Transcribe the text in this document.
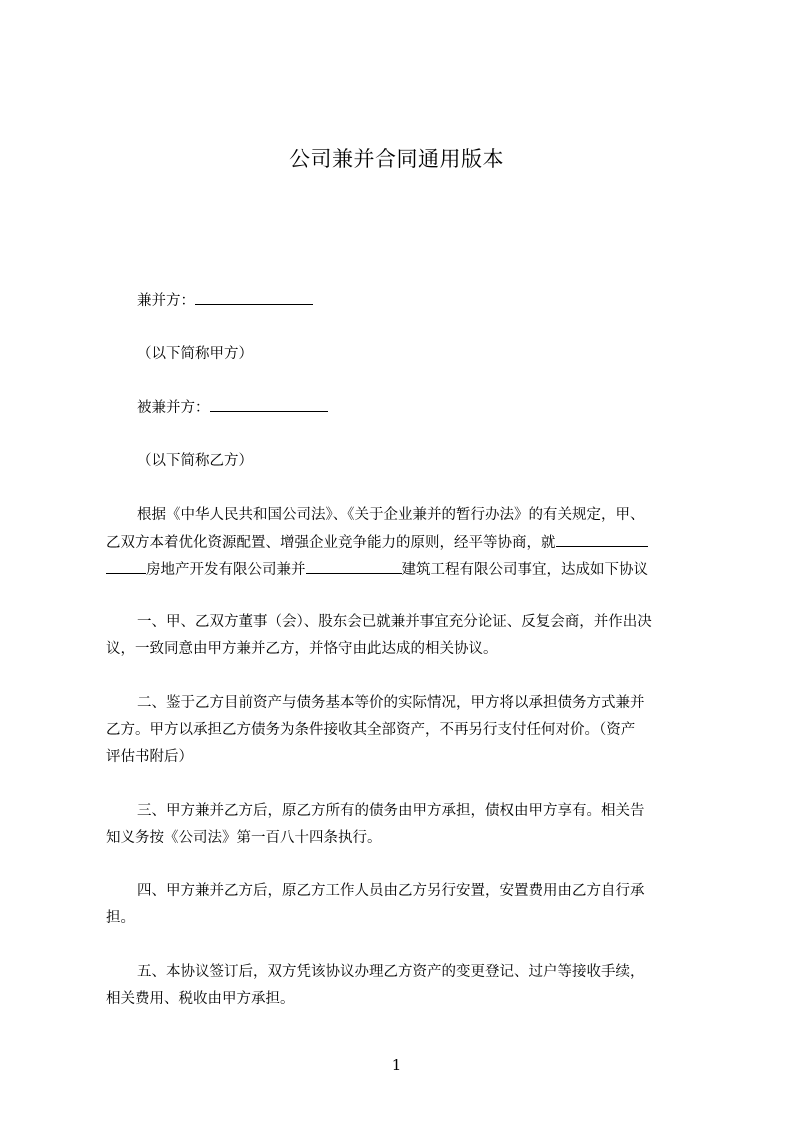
公司兼并合同通用版本
兼并方：
（以下简称甲方）
被兼并方：
（以下简称乙方）
根据《中华人民共和国公司法》、《关于企业兼并的暂行办法》的有关规定，甲、
乙双方本着优化资源配置、增强企业竞争能力的原则，经平等协商，就
房地产开发有限公司兼并	建筑工程有限公司事宜，达成如下协议
一、甲、乙双方董事（会）、股东会已就兼并事宜充分论证、反复会商，并作出决
议，一致同意由甲方兼并乙方，并恪守由此达成的相关协议。
二、鉴于乙方目前资产与债务基本等价的实际情况，甲方将以承担债务方式兼并
乙方。甲方以承担乙方债务为条件接收其全部资产，不再另行支付任何对价。（资产
评估书附后）
三、甲方兼并乙方后，原乙方所有的债务由甲方承担，债权由甲方享有。相关告
知义务按《公司法》第一百八十四条执行。
四、甲方兼并乙方后，原乙方工作人员由乙方另行安置，安置费用由乙方自行承
担。
五、本协议签订后，双方凭该协议办理乙方资产的变更登记、过户等接收手续，
相关费用、税收由甲方承担。
1
